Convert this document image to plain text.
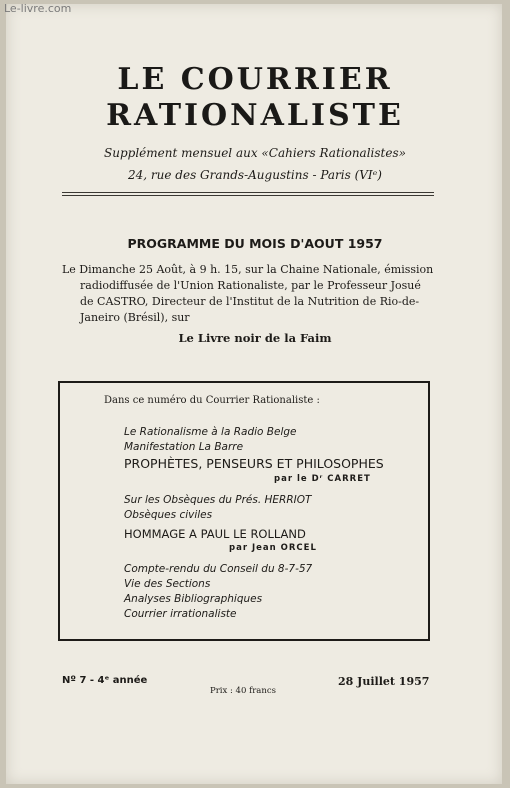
Le-livre.com
LE COURRIER
RATIONALISTE
Supplément mensuel aux «Cahiers Rationalistes»
24, rue des Grands-Augustins - Paris (VIᵉ)
PROGRAMME DU MOIS D'AOUT 1957
Le Dimanche 25 Août, à 9 h. 15, sur la Chaine Nationale, émission
radiodiffusée de l'Union Rationaliste, par le Professeur Josué
de CASTRO, Directeur de l'Institut de la Nutrition de Rio-de-
Janeiro (Brésil), sur
Le Livre noir de la Faim
Dans ce numéro du Courrier Rationaliste :
Le Rationalisme à la Radio Belge
Manifestation La Barre
PROPHÈTES, PENSEURS ET PHILOSOPHES
par le Dʳ CARRET
Sur les Obsèques du Prés. HERRIOT
Obsèques civiles
HOMMAGE A PAUL LE ROLLAND
par Jean ORCEL
Compte-rendu du Conseil du 8-7-57
Vie des Sections
Analyses Bibliographiques
Courrier irrationaliste
Nº 7 - 4ᵉ année	28 Juillet 1957
Prix : 40 francs
